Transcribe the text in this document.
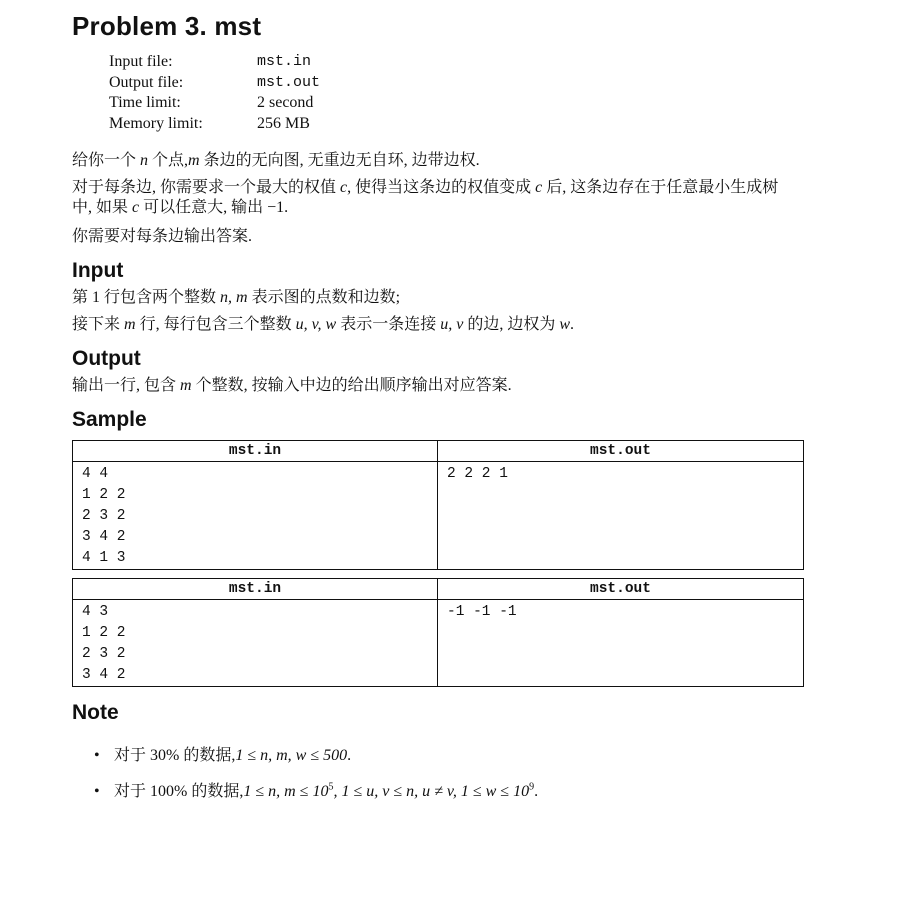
Problem 3. mst
Input file:	mst.in
Output file:	mst.out
Time limit:	2 second
Memory limit:	256 MB
给你一个 n 个点,m 条边的无向图, 无重边无自环, 边带边权.
对于每条边, 你需要求一个最大的权值 c, 使得当这条边的权值变成 c 后, 这条边存在于任意最小生成树
中, 如果 c 可以任意大, 输出 −1.
你需要对每条边输出答案.
Input
第 1 行包含两个整数 n, m 表示图的点数和边数;
接下来 m 行, 每行包含三个整数 u, v, w 表示一条连接 u, v 的边, 边权为 w.
Output
输出一行, 包含 m 个整数, 按输入中边的给出顺序输出对应答案.
Sample
mst.in	mst.out

4 4
1 2 2
2 3 2
3 4 2
4 1 3	2 2 2 1
mst.in	mst.out

4 3
1 2 2
2 3 2
3 4 2	-1 -1 -1
Note
• 对于 30% 的数据,1 ≤ n, m, w ≤ 500.
• 对于 100% 的数据,1 ≤ n, $m \le 10^5$, 1 ≤ u, v ≤ n, u ≠ v, $1 \le w \le 10^9$.
